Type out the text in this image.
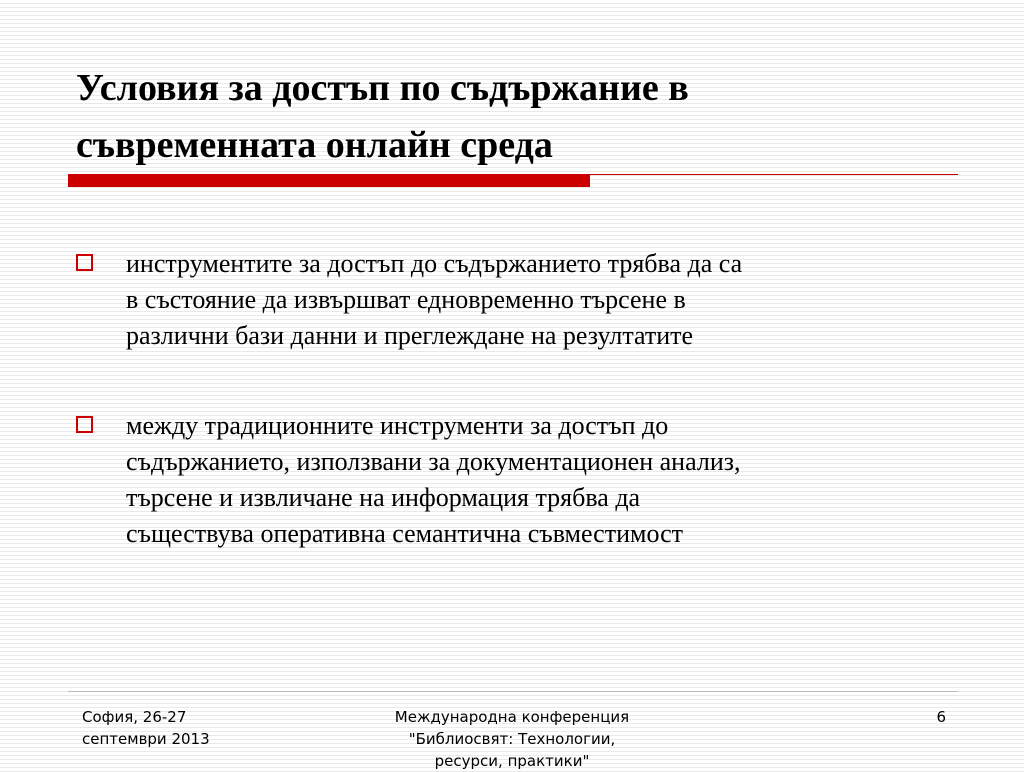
Условия за достъп по съдържание в
съвременната онлайн среда
инструментите за достъп до съдържанието трябва да са
в състояние да извършват едновременно търсене в
различни бази данни и преглеждане на резултатите
между традиционните инструменти за достъп до
съдържанието, използвани за документационен анализ,
търсене и извличане на информация трябва да
съществува оперативна семантична съвместимост
София, 26-27
септември 2013
Международна конференция
"Библиосвят: Технологии,
ресурси, практики"
6
